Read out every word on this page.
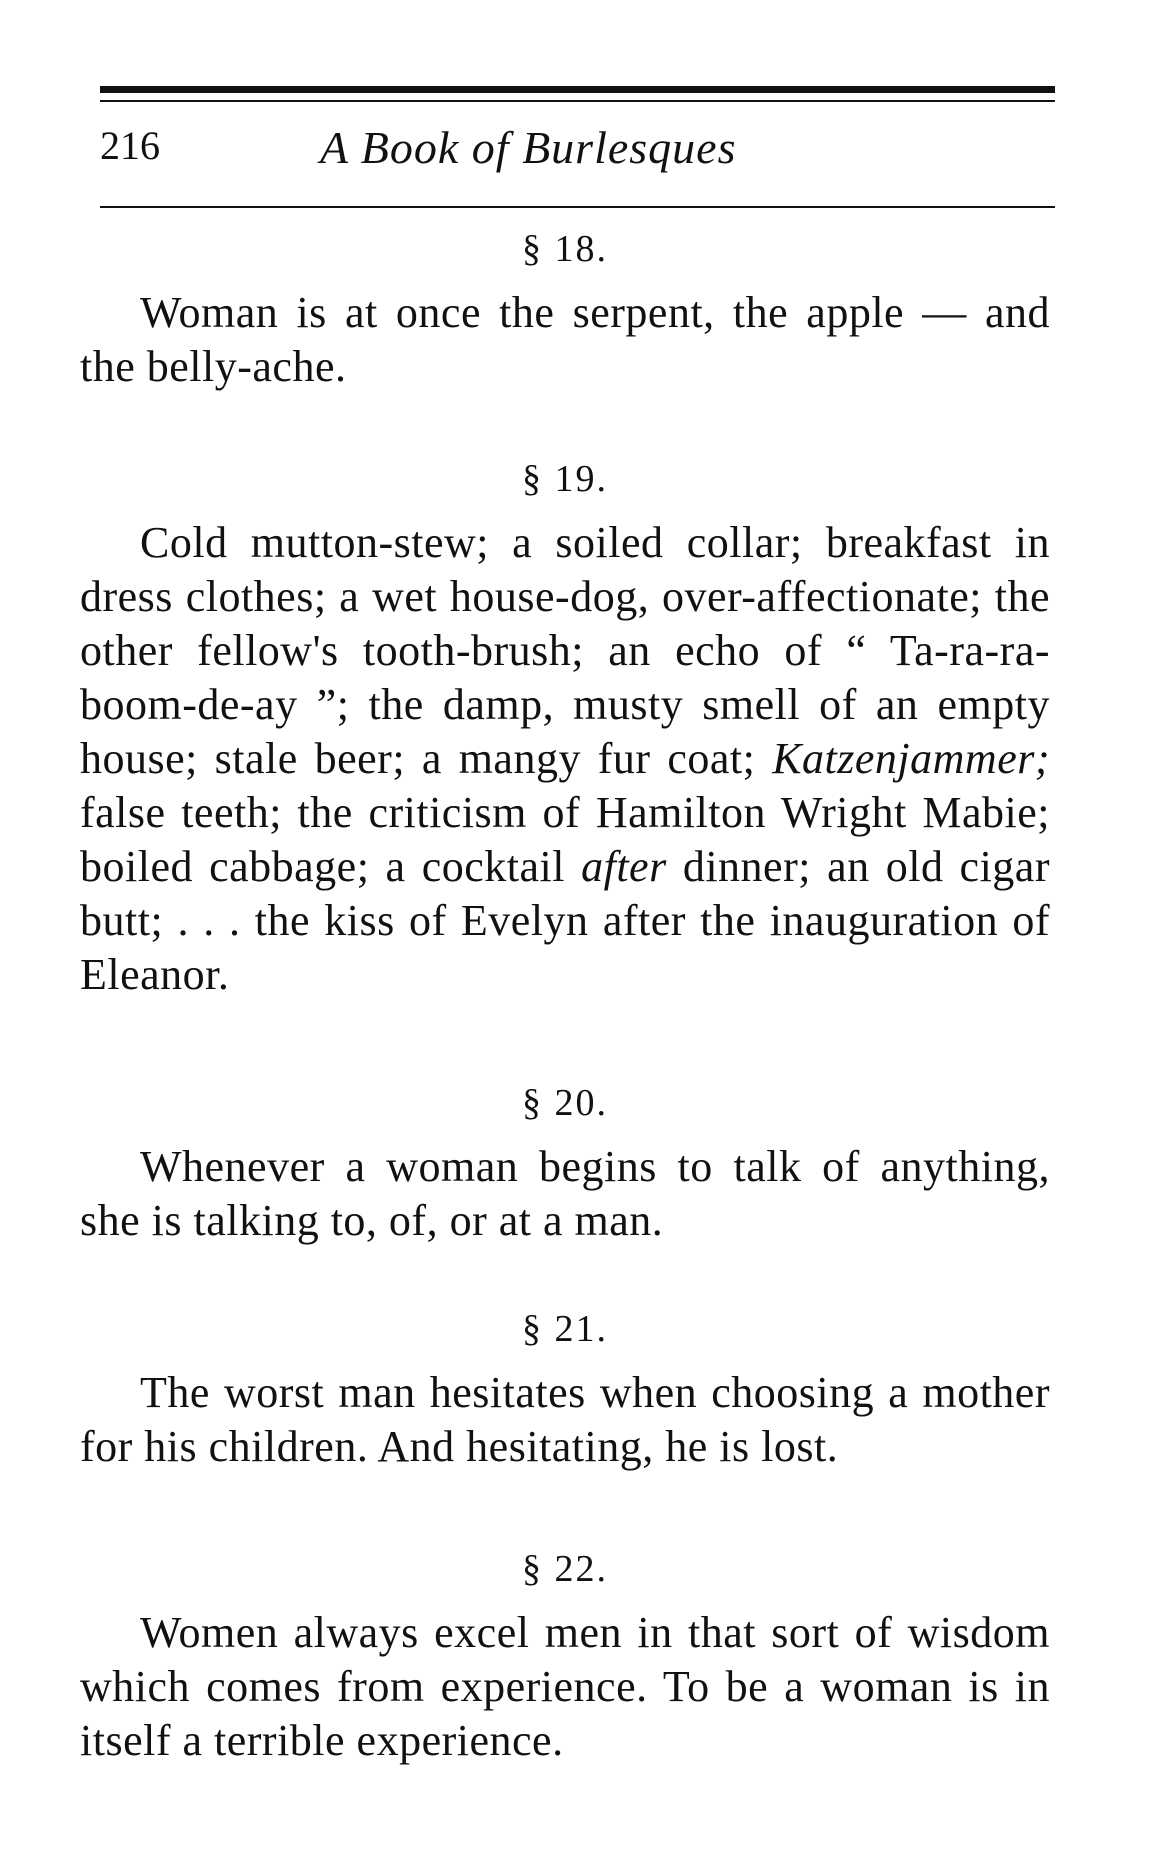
216	A Book of Burlesques

§ 18.

Woman is at once the serpent, the apple — and the belly-ache.

§ 19.

Cold mutton-stew; a soiled collar; breakfast in dress clothes; a wet house-dog, over-affectionate; the other fellow's tooth-brush; an echo of “ Ta-ra-ra-boom-de-ay ”; the damp, musty smell of an empty house; stale beer; a mangy fur coat; Katzenjammer; false teeth; the criticism of Hamilton Wright Mabie; boiled cabbage; a cocktail after dinner; an old cigar butt; . . . the kiss of Evelyn after the inauguration of Eleanor.

§ 20.

Whenever a woman begins to talk of anything, she is talking to, of, or at a man.

§ 21.

The worst man hesitates when choosing a mother for his children. And hesitating, he is lost.

§ 22.

Women always excel men in that sort of wisdom which comes from experience. To be a woman is in itself a terrible experience.
